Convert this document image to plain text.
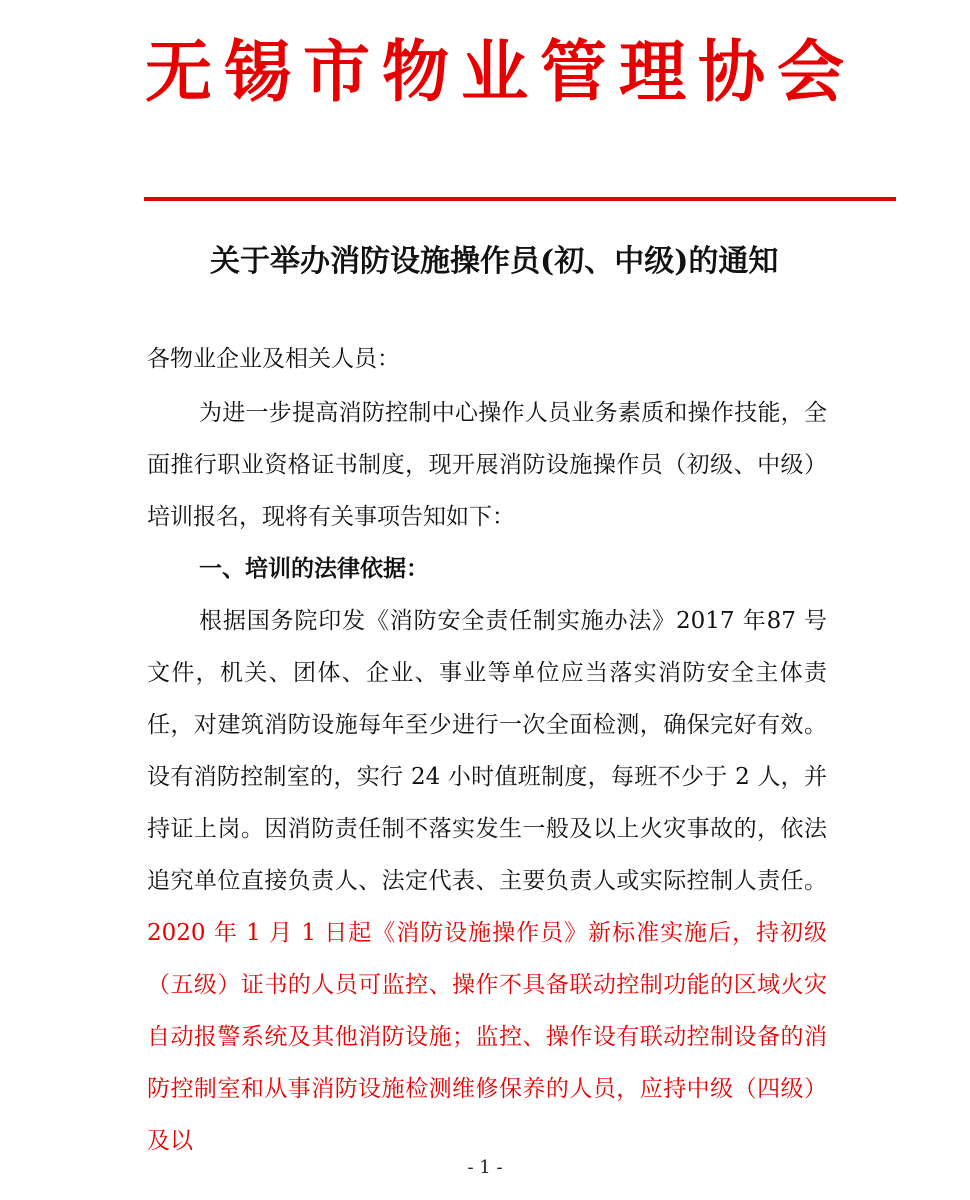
无锡市物业管理协会
关于举办消防设施操作员(初、中级)的通知
各物业企业及相关人员：
为进一步提高消防控制中心操作人员业务素质和操作技能，全面推行职业资格证书制度，现开展消防设施操作员（初级、中级）培训报名，现将有关事项告知如下：
一、培训的法律依据：
根据国务院印发《消防安全责任制实施办法》2017 年87 号文件，机关、团体、企业、事业等单位应当落实消防安全主体责任，对建筑消防设施每年至少进行一次全面检测，确保完好有效。设有消防控制室的，实行 24 小时值班制度，每班不少于 2 人，并持证上岗。因消防责任制不落实发生一般及以上火灾事故的，依法追究单位直接负责人、法定代表、主要负责人或实际控制人责任。2020 年 1 月 1 日起《消防设施操作员》新标准实施后，持初级（五级）证书的人员可监控、操作不具备联动控制功能的区域火灾自动报警系统及其他消防设施；监控、操作设有联动控制设备的消防控制室和从事消防设施检测维修保养的人员，应持中级（四级）及以
- 1 -
